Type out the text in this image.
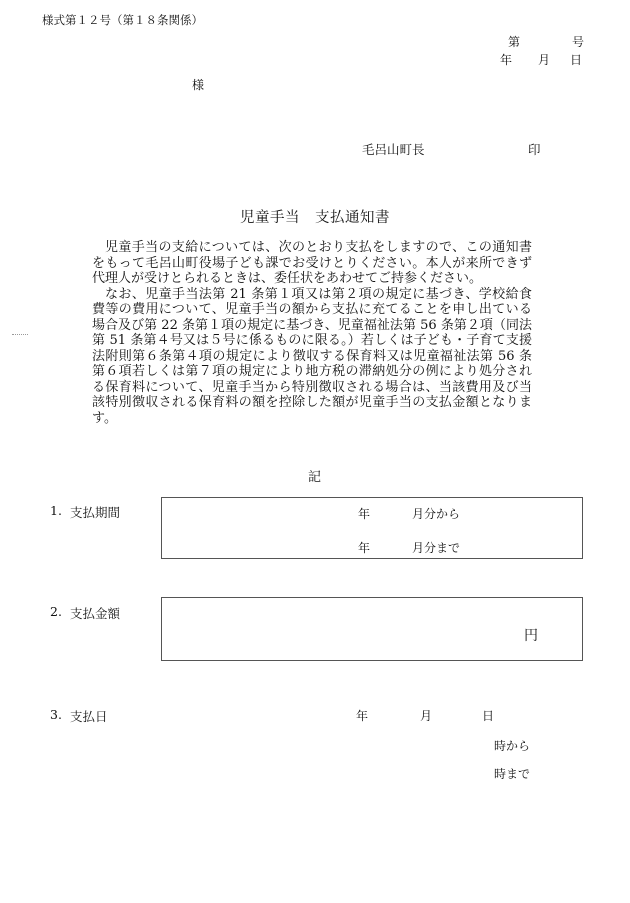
様式第１２号（第１８条関係）
第	号
年 月 日
様
毛呂山町長	印
児童手当　支払通知書

児童手当の支給については、次のとおり支払をしますので、この通知書をもって毛呂山町役場子ども課でお受けとりください。本人が来所できず代理人が受けとられるときは、委任状をあわせてご持参ください。

なお、児童手当法第 21 条第１項又は第２項の規定に基づき、学校給食費等の費用について、児童手当の額から支払に充てることを申し出ている場合及び第 22 条第１項の規定に基づき、児童福祉法第 56 条第２項（同法第 51 条第４号又は５号に係るものに限る。）若しくは子ども・子育て支援法附則第６条第４項の規定により徴収する保育料又は児童福祉法第 56 条第６項若しくは第７項の規定により地方税の滞納処分の例により処分される保育料について、児童手当から特別徴収される場合は、当該費用及び当該特別徴収される保育料の額を控除した額が児童手当の支払金額となります。

記
1. 支払期間	年	月分から
年	月分まで
2. 支払金額
円
3. 支払日	年	月	日
時から
時まで
